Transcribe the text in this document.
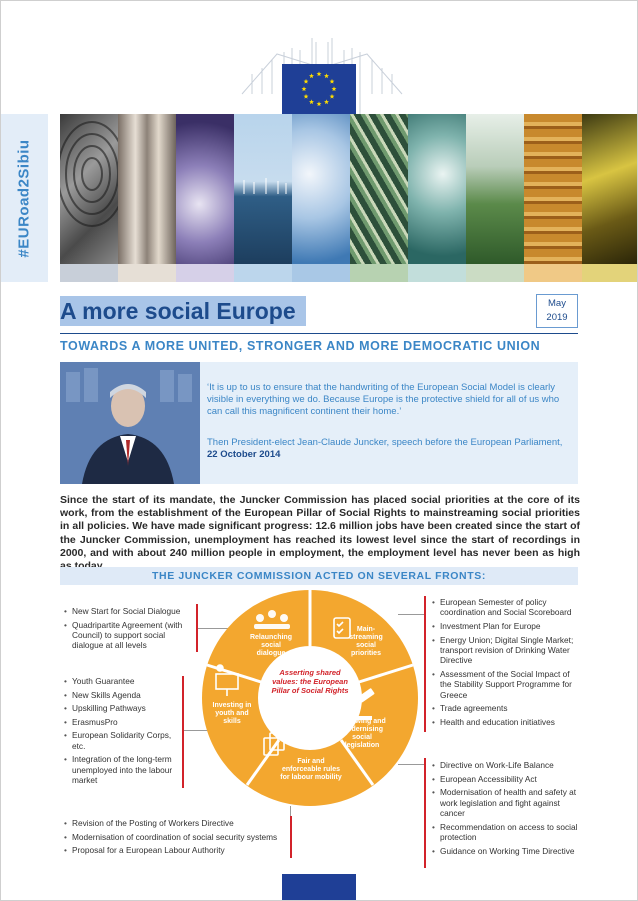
#EURoad2Sibiu
A more social Europe	May
2019
TOWARDS A MORE UNITED, STRONGER AND MORE DEMOCRATIC UNION
‘It is up to us to ensure that the handwriting of the European Social Model is clearly visible in everything we do. Because Europe is the protective shield for all of us who can call this magnificent continent their home.’
Then President-elect Jean-Claude Juncker, speech before the European Parliament,
22 October 2014

Since the start of its mandate, the Juncker Commission has placed social priorities at the core of its work, from the establishment of the European Pillar of Social Rights to mainstreaming social priorities in all policies. We have made significant progress: 12.6 million jobs have been created since the start of the Juncker Commission, unemployment has reached its lowest level since the start of recordings in 2000, and with about 240 million people in employment, the employment level has never been as high

THE JUNCKER COMMISSION ACTED ON SEVERAL FRONTS:
• New Start for Social Dialogue
• Quadripartite Agreement (with Council) to support social dialogue at all levels
• Youth Guarantee
• New Skills Agenda
• Upskilling Pathways
• ErasmusPro
• European Solidarity Corps, etc.
• Integration of the long-term unemployed into the labour market
• Revision of the Posting of Workers Directive
• Modernisation of coordination of social security systems
• Proposal for a European Labour Authority
• European Semester of policy coordination and Social Scoreboard
• Investment Plan for Europe
• Energy Union; Digital Single Market; transport revision of Drinking Water Directive
• Assessment of the Social Impact of the Stability Support Programme for Greece
• Trade agreements
• Health and education initiatives
• Directive on Work-Life Balance
• European Accessibility Act
• Modernisation of health and safety at work legislation and fight against cancer
• Recommendation on access to social protection
• Guidance on Working Time Directive
Relaunching social dialogue
Main-streaming social priorities
Renewing and modernising social legislation
Fair and enforceable rules for labour mobility
Investing in youth and skills
Asserting shared values: the European Pillar of Social Rights
